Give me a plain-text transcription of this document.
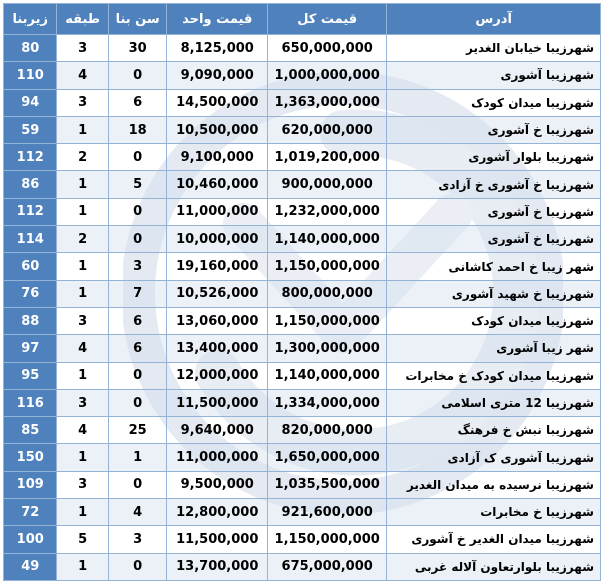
آدرس	قیمت کل	قیمت واحد	سن بنا	طبقه	زیربنا
شهرزیبا خیابان الغدیر	650,000,000	8,125,000	30	3	80
شهرزیبا آشوری	1,000,000,000	9,090,000	0	4	110
شهرزیبا میدان کودک	1,363,000,000	14,500,000	6	3	94
شهرزیبا خ آشوری	620,000,000	10,500,000	18	1	59
شهرزیبا بلوار آشوری	1,019,200,000	9,100,000	0	2	112
شهرزیبا خ آشوری خ آزادی	900,000,000	10,460,000	5	1	86
شهرزیبا خ آشوری	1,232,000,000	11,000,000	0	1	112
شهرزیبا خ آشوری	1,140,000,000	10,000,000	0	2	114
شهر زیبا خ احمد کاشانی	1,150,000,000	19,160,000	3	1	60
شهرزیبا خ شهید آشوری	800,000,000	10,526,000	7	1	76
شهرزیبا میدان کودک	1,150,000,000	13,060,000	6	3	88
شهر زیبا آشوری	1,300,000,000	13,400,000	6	4	97
شهرزیبا میدان کودک خ مخابرات	1,140,000,000	12,000,000	0	1	95
شهرزیبا 12 متری اسلامی	1,334,000,000	11,500,000	0	3	116
شهرزیبا نبش خ فرهنگ	820,000,000	9,640,000	25	4	85
شهرزیبا آشوری ک آزادی	1,650,000,000	11,000,000	1	1	150
شهرزیبا نرسیده به میدان الغدیر	1,035,500,000	9,500,000	0	3	109
شهرزیبا خ مخابرات	921,600,000	12,800,000	4	1	72
شهرزیبا میدان الغدیر خ آشوری	1,150,000,000	11,500,000	3	5	100
شهرزیبا بلوارتعاون آلاله غربی	675,000,000	13,700,000	0	1	49
